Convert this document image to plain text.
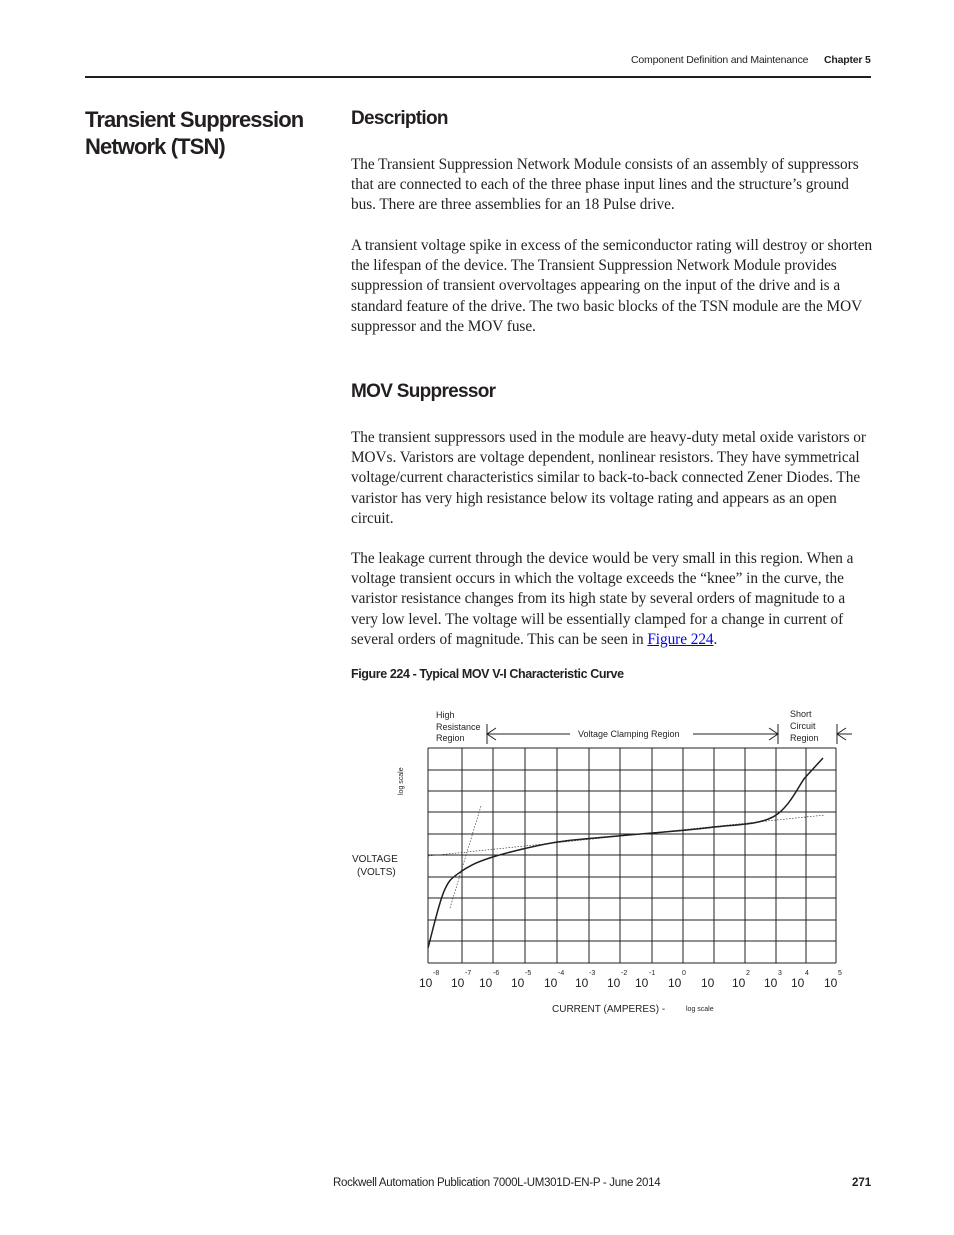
Component Definition and Maintenance Chapter 5
Transient Suppression Network (TSN)
Description
The Transient Suppression Network Module consists of an assembly of suppressors that are connected to each of the three phase input lines and the structure’s ground bus. There are three assemblies for an 18 Pulse drive.
A transient voltage spike in excess of the semiconductor rating will destroy or shorten the lifespan of the device. The Transient Suppression Network Module provides suppression of transient overvoltages appearing on the input of the drive and is a standard feature of the drive. The two basic blocks of the TSN module are the MOV suppressor and the MOV fuse.
MOV Suppressor
The transient suppressors used in the module are heavy-duty metal oxide varistors or MOVs. Varistors are voltage dependent, nonlinear resistors. They have symmetrical voltage/current characteristics similar to back-to-back connected Zener Diodes. The varistor has very high resistance below its voltage rating and appears as an open circuit.
The leakage current through the device would be very small in this region. When a voltage transient occurs in which the voltage exceeds the “knee” in the curve, the varistor resistance changes from its high state by several orders of magnitude to a very low level. The voltage will be essentially clamped for a change in current of several orders of magnitude. This can be seen in Figure 224.
Figure 224 - Typical MOV V-I Characteristic Curve
High
Resistance
Region	Voltage Clamping Region
Short
Circuit
Region
log scale
VOLTAGE
(VOLTS)
CURRENT (AMPERES) -	log scale
10
-8
10
-7
10
-6
10
-5
10
-4
10
-3
10
-2
10
-1
10
0
10 10
2
10
3
10
4
10
5
Rockwell Automation Publication 7000L-UM301D-EN-P - June 2014	271
